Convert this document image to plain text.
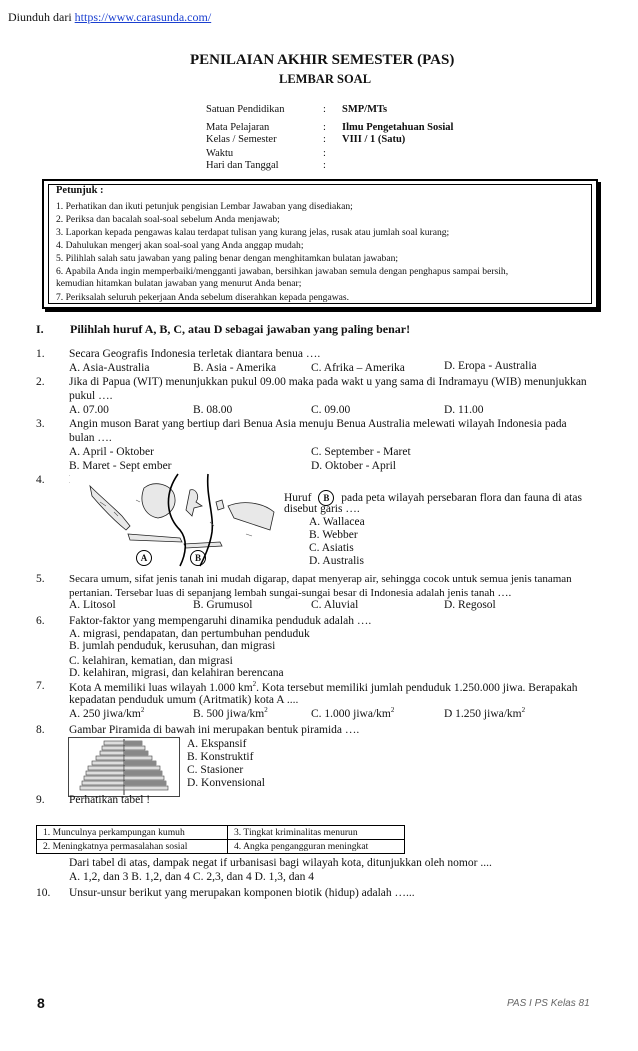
Diunduh dari https://www.carasunda.com/
PENILAIAN AKHIR SEMESTER (PAS)
LEMBAR SOAL
Satuan Pendidikan	: SMP/MTs
Mata Pelajaran	: Ilmu Pengetahuan Sosial
Kelas / Semester	: VIII / 1 (Satu)
Waktu	:
Hari dan Tanggal	:
Petunjuk :
1. Perhatikan dan ikuti petunjuk pengisian Lembar Jawaban yang disediakan;
2. Periksa dan bacalah soal-soal sebelum Anda menjawab;
3. Laporkan kepada pengawas kalau terdapat tulisan yang kurang jelas, rusak atau jumlah soal kurang;
4. Dahulukan mengerj akan soal-soal yang Anda anggap mudah;
5. Pilihlah salah satu jawaban yang paling benar dengan menghitamkan bulatan jawaban;
6. Apabila Anda ingin memperbaiki/mengganti jawaban, bersihkan jawaban semula dengan penghapus sampai bersih,
kemudian hitamkan bulatan jawaban yang menurut Anda benar;
7. Periksalah seluruh pekerjaan Anda sebelum diserahkan kepada pengawas.
I. Pilihlah huruf A, B, C, atau D sebagai jawaban yang paling benar!
1. Secara Geografis Indonesia terletak diantara benua ….
A. Asia-Australia	B. Asia - Amerika	C. Afrika – Amerika	D. Eropa - Australia
2. Jika di Papua (WIT) menunjukkan pukul 09.00 maka pada wakt u yang sama di Indramayu (WIB) menunjukkan
pukul ….
A. 07.00	B. 08.00	C. 09.00	D. 11.00
3. Angin muson Barat yang bertiup dari Benua Asia menuju Benua Australia melewati wilayah Indonesia pada
bulan ….
A. April - Oktober
B. Maret - Sept ember
C. September - Maret
D. Oktober - April
4.
A	B
Huruf B pada peta wilayah persebaran flora dan fauna di atas
disebut garis ….
A. Wallacea
B. Webber
C. Asiatis
D. Australis
5. Secara umum, sifat jenis tanah ini mudah digarap, dapat menyerap air, sehingga cocok untuk semua jenis tanaman
pertanian. Tersebar luas di sepanjang lembah sungai-sungai besar di Indonesia adalah jenis tanah ….
A. Litosol	B. Grumusol	C. Aluvial	D. Regosol
6. Faktor-faktor yang mempengaruhi dinamika penduduk adalah ….
A. migrasi, pendapatan, dan pertumbuhan penduduk
B. jumlah penduduk, kerusuhan, dan migrasi
C. kelahiran, kematian, dan migrasi
D. kelahiran, migrasi, dan kelahiran berencana
7. Kota A memiliki luas wilayah 1.000 $km^2$. Kota tersebut memiliki jumlah penduduk 1.250.000 jiwa. Berapakah
kepadatan penduduk umum (Aritmatik) kota A ....
A. 250 jiwa/$km^2$	B. 500 jiwa/$km^2$	C. 1.000 jiwa/$km^2$	D 1.250 jiwa/$km^2$
8. Gambar Piramida di bawah ini merupakan bentuk piramida ….
A. Ekspansif
B. Konstruktif
C. Stasioner
D. Konvensional
9. Perhatikan tabel !
1. Munculnya perkampungan kumuh	3. Tingkat kriminalitas menurun
2. Meningkatnya permasalahan sosial	4. Angka pengangguran meningkat
Dari tabel di atas, dampak negat if urbanisasi bagi wilayah kota, ditunjukkan oleh nomor ....
A. 1,2, dan 3 B. 1,2, dan 4 C. 2,3, dan 4 D. 1,3, dan 4
10. Unsur-unsur berikut yang merupakan komponen biotik (hidup) adalah …...
8	PAS I PS Kelas 81
